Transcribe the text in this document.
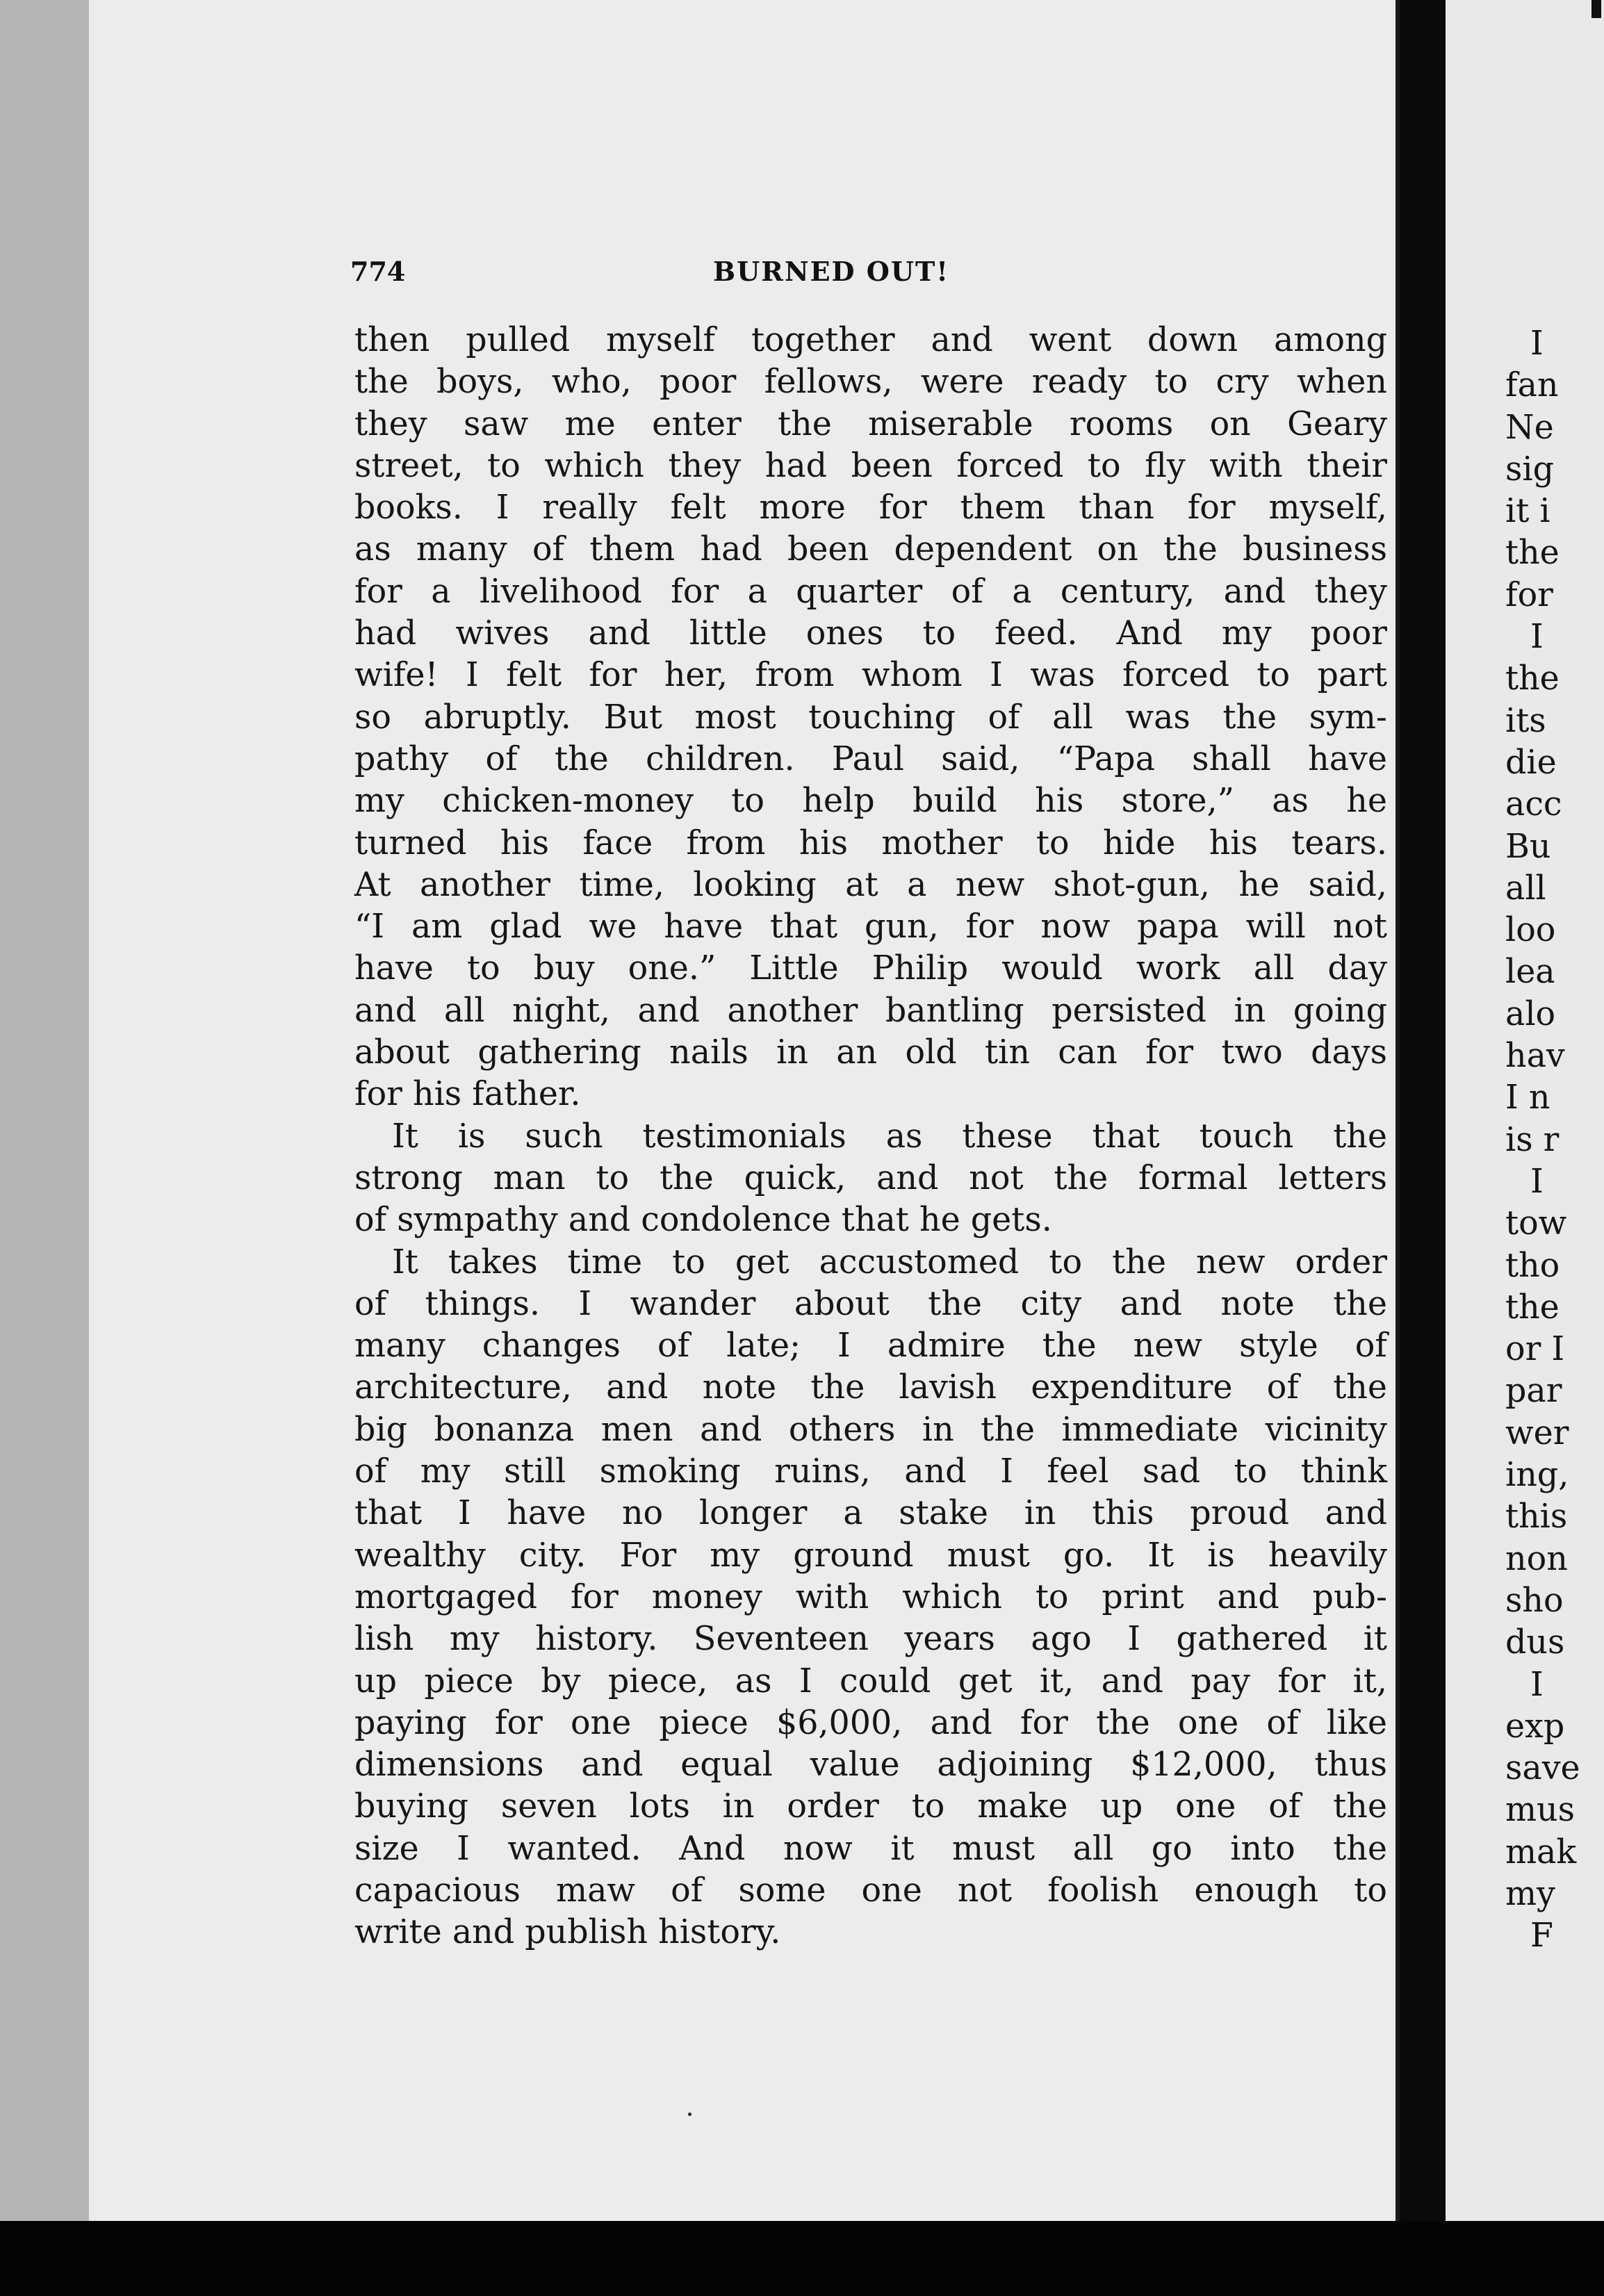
774	BURNED OUT!
then pulled myself together and went down among
the boys, who, poor fellows, were ready to cry when
they saw me enter the miserable rooms on Geary
street, to which they had been forced to fly with their
books. I really felt more for them than for myself,
as many of them had been dependent on the business
for a livelihood for a quarter of a century, and they
had wives and little ones to feed. And my poor
wife! I felt for her, from whom I was forced to part
so abruptly. But most touching of all was the sym-
pathy of the children. Paul said, “Papa shall have
my chicken-money to help build his store,” as he
turned his face from his mother to hide his tears.
At another time, looking at a new shot-gun, he said,
“I am glad we have that gun, for now papa will not
have to buy one.” Little Philip would work all day
and all night, and another bantling persisted in going
about gathering nails in an old tin can for two days
for his father.
It is such testimonials as these that touch the
strong man to the quick, and not the formal letters
of sympathy and condolence that he gets.
It takes time to get accustomed to the new order
of things. I wander about the city and note the
many changes of late; I admire the new style of
architecture, and note the lavish expenditure of the
big bonanza men and others in the immediate vicinity
of my still smoking ruins, and I feel sad to think
that I have no longer a stake in this proud and
wealthy city. For my ground must go. It is heavily
mortgaged for money with which to print and pub-
lish my history. Seventeen years ago I gathered it
up piece by piece, as I could get it, and pay for it,
paying for one piece $6,000, and for the one of like
dimensions and equal value adjoining $12,000, thus
buying seven lots in order to make up one of the
size I wanted. And now it must all go into the
capacious maw of some one not foolish enough to
write and publish history.
I
fan
Ne
sig
it i
the
for
I
the
its
die
acc
Bu
all
loo
lea
alo
hav
I n
is r
I
tow
tho
the
or I
par
wer
ing,
this
non
sho
dus
I
exp
save
mus
mak
my
F
